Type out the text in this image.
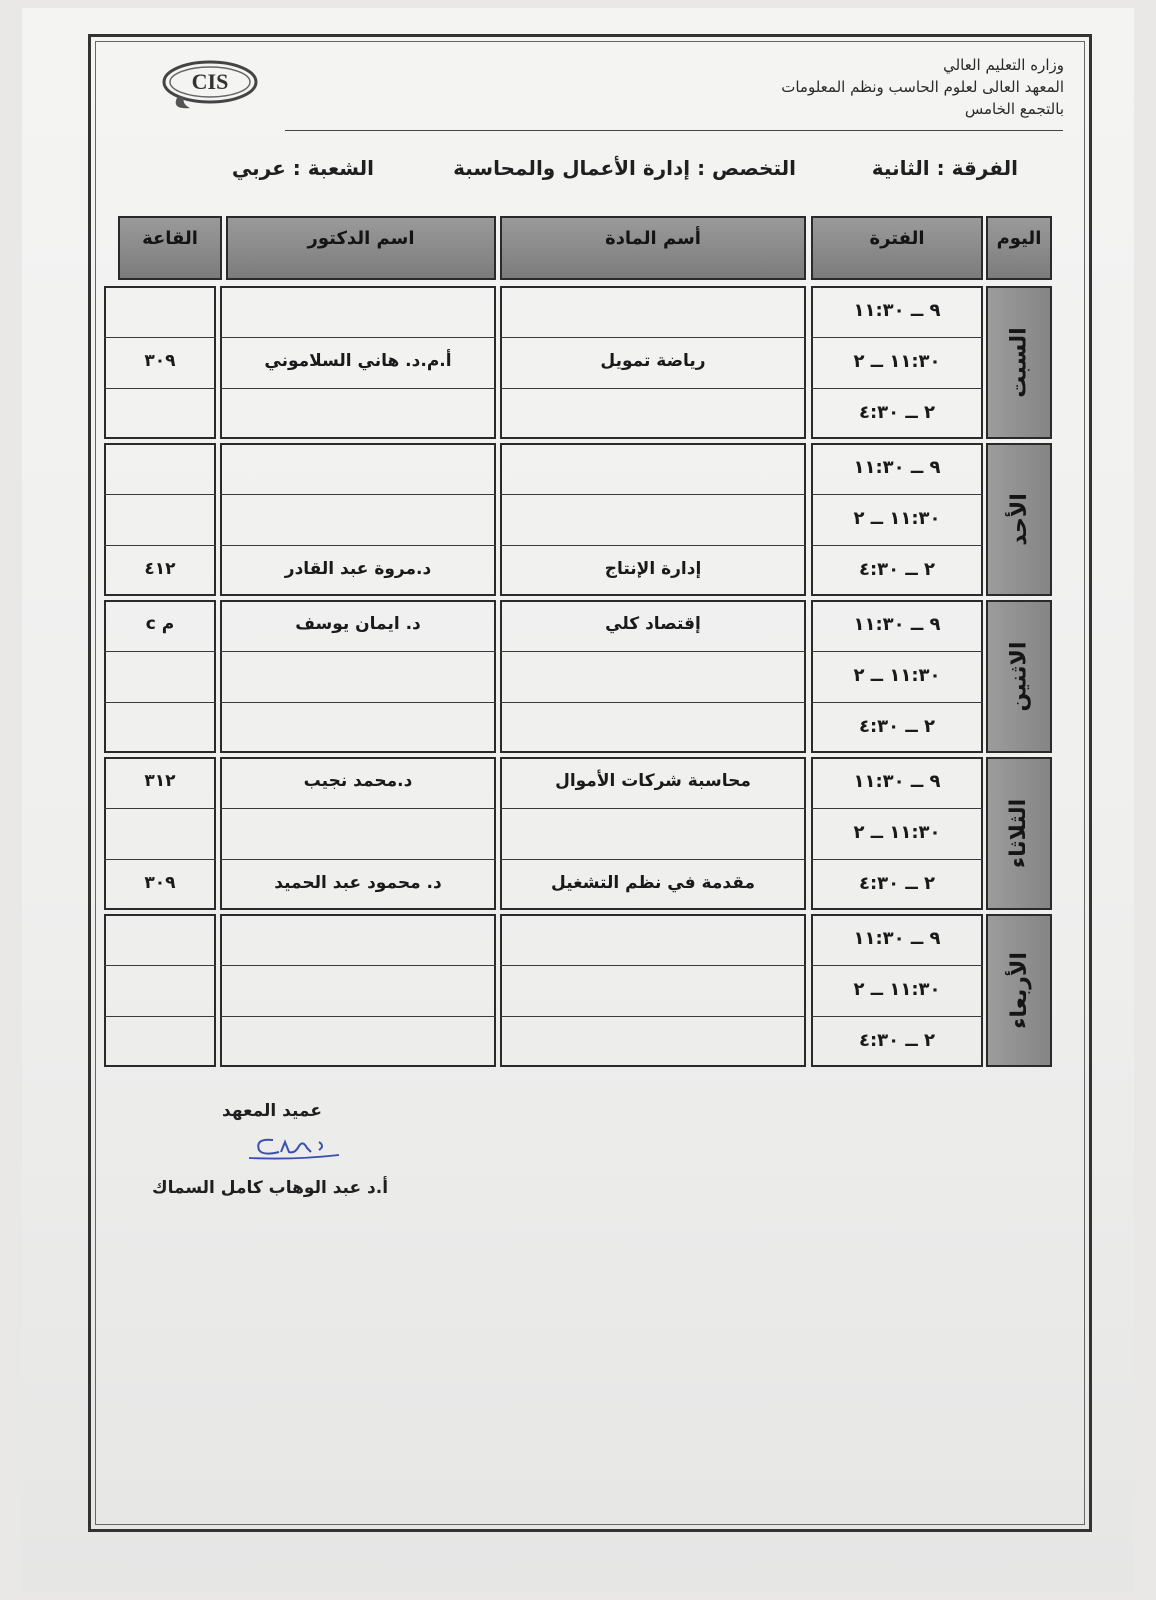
CIS
وزاره التعليم العالي
المعهد العالى لعلوم الحاسب ونظم المعلومات
بالتجمع الخامس
الفرقة : الثانية
التخصص : إدارة الأعمال والمحاسبة
الشعبة : عربي
اليوم
الفترة
أسم المادة
اسم الدكتور
القاعة
السبت
٩ ــ ١١:٣٠
١١:٣٠ ــ ٢
رياضة تمويل
أ.م.د. هاني السلاموني
٣٠٩
٢ ــ ٤:٣٠
الأحد
٩ ــ ١١:٣٠
١١:٣٠ ــ ٢
٢ ــ ٤:٣٠
إدارة الإنتاج
د.مروة عبد القادر
٤١٢
الاثنين
٩ ــ ١١:٣٠
إقتصاد كلي
د. ايمان يوسف
م c
١١:٣٠ ــ ٢
٢ ــ ٤:٣٠
الثلاثاء
٩ ــ ١١:٣٠
محاسبة شركات الأموال
د.محمد نجيب
٣١٢
١١:٣٠ ــ ٢
٢ ــ ٤:٣٠
مقدمة في نظم التشغيل
د. محمود عبد الحميد
٣٠٩
الأربعاء
٩ ــ ١١:٣٠
١١:٣٠ ــ ٢
٢ ــ ٤:٣٠
عميد المعهد
أ.د عبد الوهاب كامل السماك
